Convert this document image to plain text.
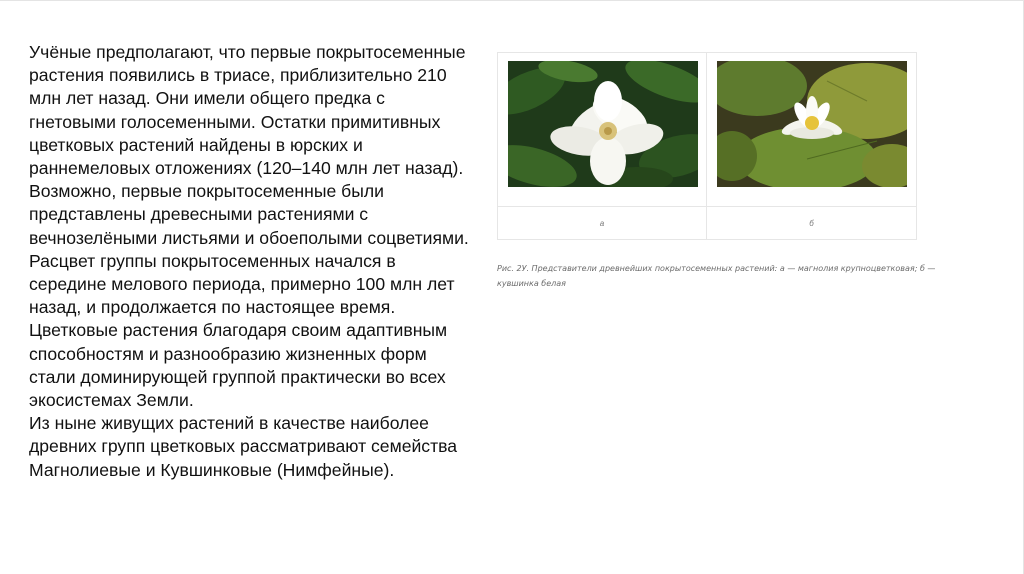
Учёные предполагают, что первые покрытосеменные растения появились в триасе, приблизительно 210 млн лет назад. Они имели общего предка с гнетовыми голосеменными. Остатки примитивных цветковых растений найдены в юрских и раннемеловых отложениях (120–140 млн лет назад).
Возможно, первые покрытосеменные были представлены древесными растениями с вечнозелёными листьями и обоеполыми соцветиями.
Расцвет группы покрытосеменных начался в середине мелового периода, примерно 100 млн лет назад, и продолжается по настоящее время. Цветковые растения благодаря своим адаптивным способностям и разнообразию жизненных форм стали доминирующей группой практически во всех экосистемах Земли.
Из ныне живущих растений в качестве наиболее древних групп цветковых рассматривают семейства Магнолиевые и Кувшинковые (Нимфейные).
а	б
Рис. 2У. Представители древнейших покрытосеменных растений: а — магнолия крупноцветковая; б — кувшинка белая
